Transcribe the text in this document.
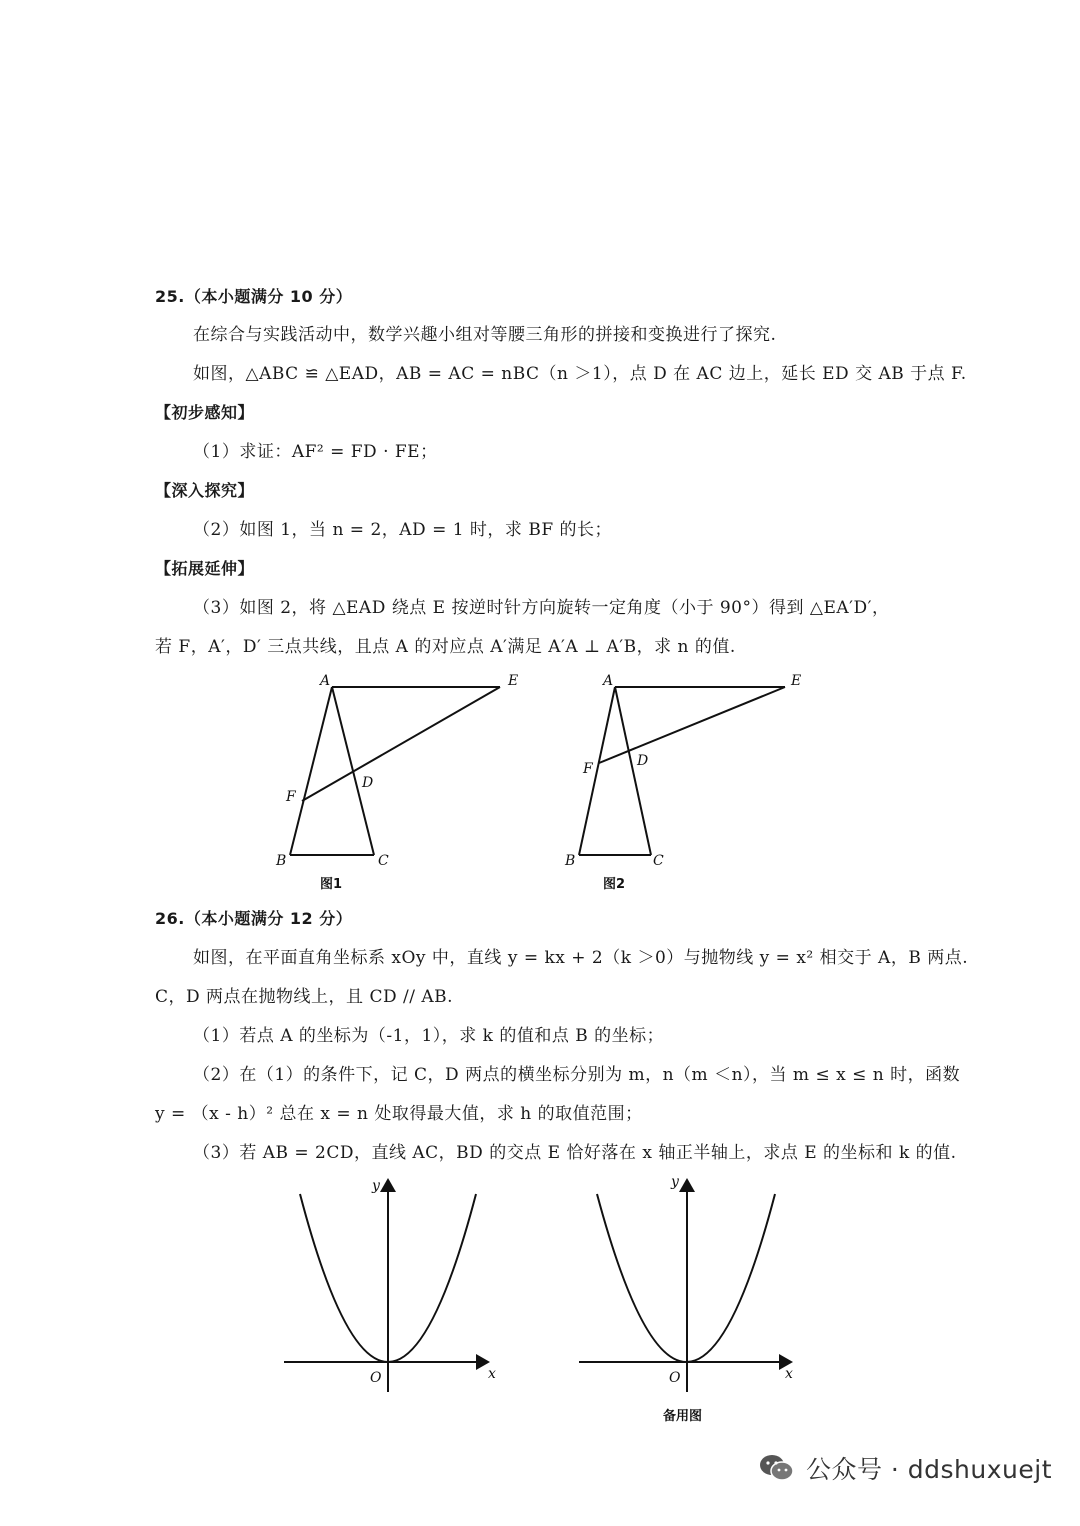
25.（本小题满分 10 分）
在综合与实践活动中，数学兴趣小组对等腰三角形的拼接和变换进行了探究.
如图，△ABC ≌ △EAD，AB = AC = nBC（n ＞1），点 D 在 AC 边上，延长 ED 交 AB 于点 F.
【初步感知】
（1）求证：AF² = FD · FE；
【深入探究】
（2）如图 1，当 n = 2，AD = 1 时，求 BF 的长；
【拓展延伸】
（3）如图 2，将 △EAD 绕点 E 按逆时针方向旋转一定角度（小于 90°）得到 △EA′D′，
若 F，A′，D′ 三点共线，且点 A 的对应点 A′满足 A′A ⊥ A′B，求 n 的值.
A	E
D
F
B	C
图1
A	E
D
F
B	C
图2
26.（本小题满分 12 分）
如图，在平面直角坐标系 xOy 中，直线 y = kx + 2（k ＞0）与抛物线 y = x² 相交于 A，B 两点.
C，D 两点在抛物线上，且 CD // AB.
（1）若点 A 的坐标为（-1，1），求 k 的值和点 B 的坐标；
（2）在（1）的条件下，记 C，D 两点的横坐标分别为 m，n（m ＜n），当 m ≤ x ≤ n 时，函数
y = （x - h）² 总在 x = n 处取得最大值，求 h 的取值范围；
（3）若 AB = 2CD，直线 AC，BD 的交点 E 恰好落在 x 轴正半轴上，求点 E 的坐标和 k 的值.
y
x
O
y
x
O
备用图
公众号 · ddshuxuejt
